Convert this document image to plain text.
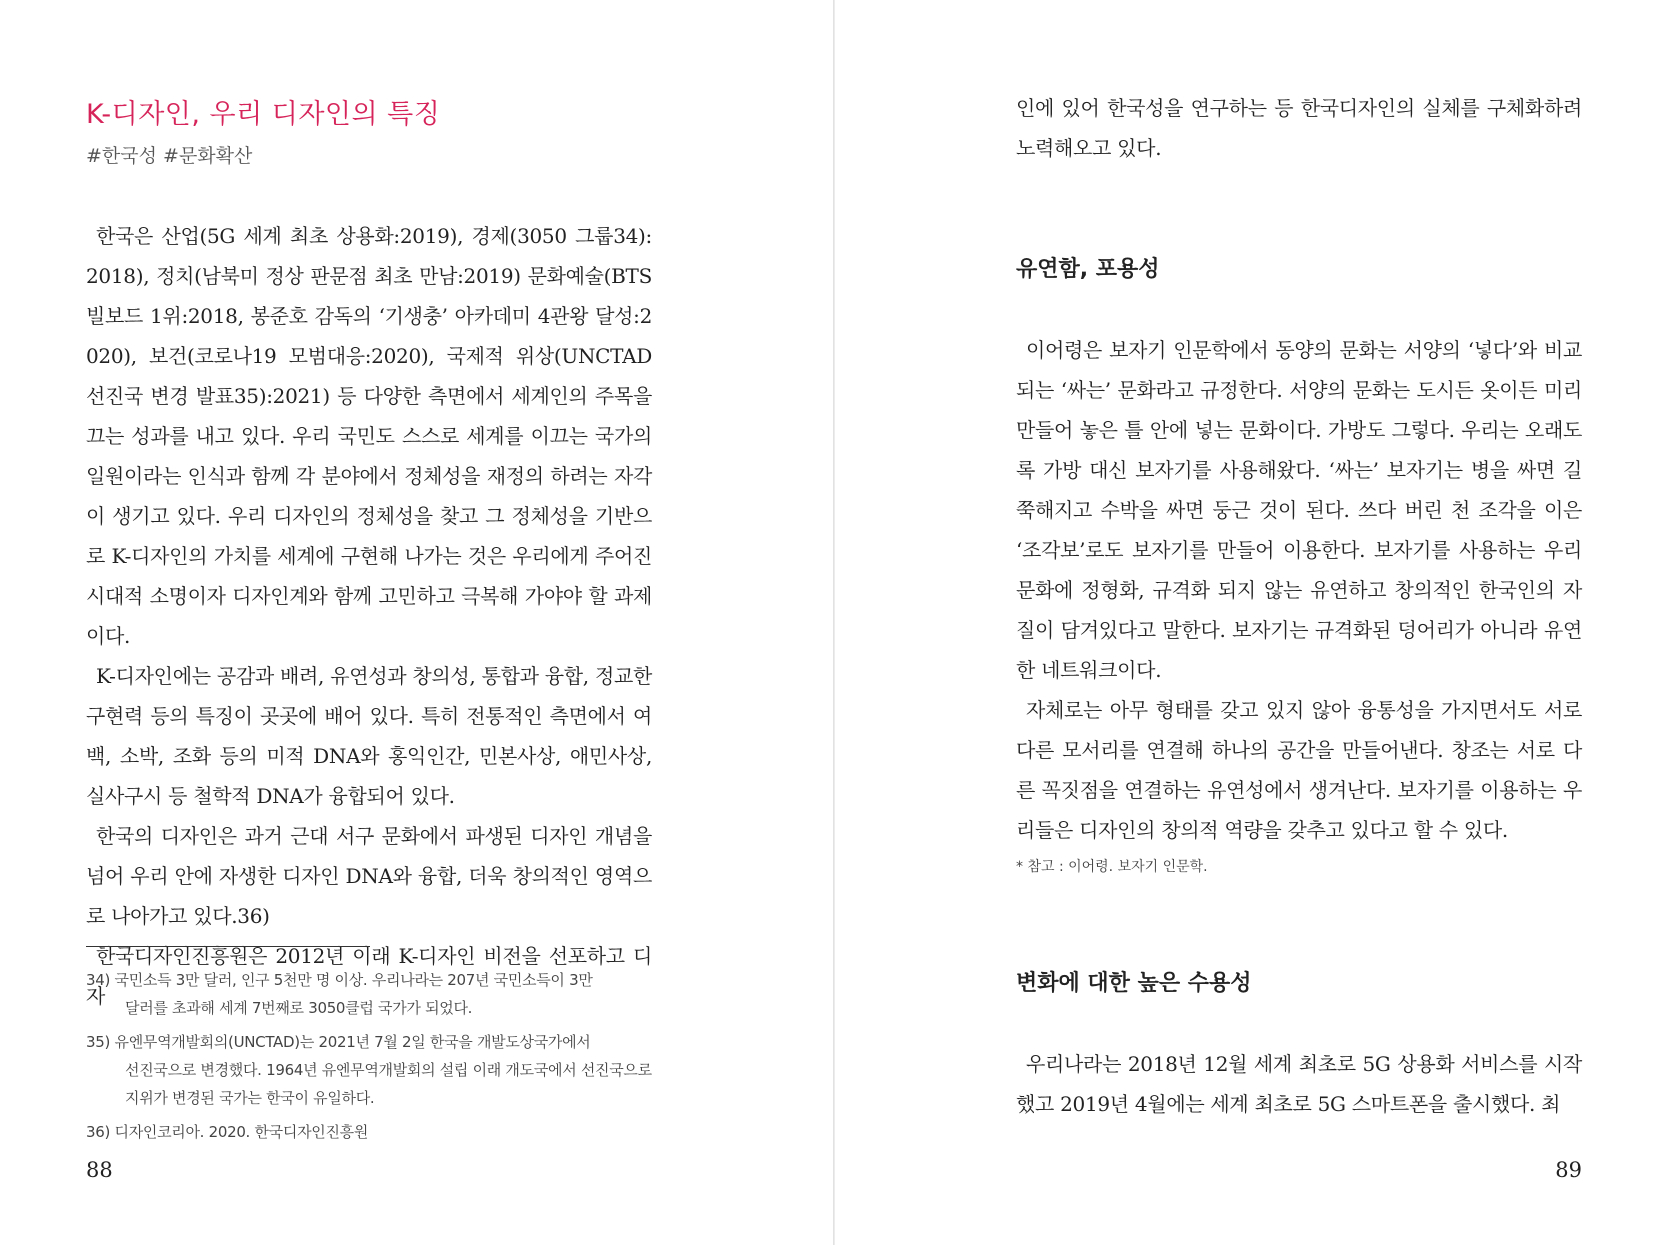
K-디자인, 우리 디자인의 특징

#한국성 #문화확산

한국은 산업(5G 세계 최초 상용화:2019), 경제(3050 그룹34): 2018), 정치(남북미 정상 판문점 최초 만남:2019) 문화예술(BTS 빌보드 1위:2018, 봉준호 감독의 ‘기생충’ 아카데미 4관왕 달성:2020), 보건(코로나19 모범대응:2020), 국제적 위상(UNCTAD 선진국 변경 발표35):2021) 등 다양한 측면에서 세계인의 주목을 끄는 성과를 내고 있다. 우리 국민도 스스로 세계를 이끄는 국가의 일원이라는 인식과 함께 각 분야에서 정체성을 재정의 하려는 자각이 생기고 있다. 우리 디자인의 정체성을 찾고 그 정체성을 기반으로 K-디자인의 가치를 세계에 구현해 나가는 것은 우리에게 주어진 시대적 소명이자 디자인계와 함께 고민하고 극복해 가야야 할 과제이다.

K-디자인에는 공감과 배려, 유연성과 창의성, 통합과 융합, 정교한 구현력 등의 특징이 곳곳에 배어 있다. 특히 전통적인 측면에서 여백, 소박, 조화 등의 미적 DNA와 홍익인간, 민본사상, 애민사상, 실사구시 등 철학적 DNA가 융합되어 있다.

한국의 디자인은 과거 근대 서구 문화에서 파생된 디자인 개념을 넘어 우리 안에 자생한 디자인 DNA와 융합, 더욱 창의적인 영역으로 나아가고 있다.36)

한국디자인진흥원은 2012년 이래 K-디자인 비전을 선포하고 디자

34) 국민소득 3만 달러, 인구 5천만 명 이상. 우리나라는 207년 국민소득이 3만
달러를 초과해 세계 7번째로 3050클럽 국가가 되었다.

35) 유엔무역개발회의(UNCTAD)는 2021년 7월 2일 한국을 개발도상국가에서
선진국으로 변경했다. 1964년 유엔무역개발회의 설립 이래 개도국에서 선진국으로 지위가 변경된 국가는 한국이 유일하다.

36) 디자인코리아. 2020. 한국디자인진흥원

88

인에 있어 한국성을 연구하는 등 한국디자인의 실체를 구체화하려 노력해오고 있다.

유연함, 포용성

이어령은 보자기 인문학에서 동양의 문화는 서양의 ‘넣다’와 비교되는 ‘싸는’ 문화라고 규정한다. 서양의 문화는 도시든 옷이든 미리 만들어 놓은 틀 안에 넣는 문화이다. 가방도 그렇다. 우리는 오래도록 가방 대신 보자기를 사용해왔다. ‘싸는’ 보자기는 병을 싸면 길쭉해지고 수박을 싸면 둥근 것이 된다. 쓰다 버린 천 조각을 이은 ‘조각보’로도 보자기를 만들어 이용한다. 보자기를 사용하는 우리 문화에 정형화, 규격화 되지 않는 유연하고 창의적인 한국인의 자질이 담겨있다고 말한다. 보자기는 규격화된 덩어리가 아니라 유연한 네트워크이다.

자체로는 아무 형태를 갖고 있지 않아 융통성을 가지면서도 서로 다른 모서리를 연결해 하나의 공간을 만들어낸다. 창조는 서로 다른 꼭짓점을 연결하는 유연성에서 생겨난다. 보자기를 이용하는 우리들은 디자인의 창의적 역량을 갖추고 있다고 할 수 있다.

* 참고 : 이어령. 보자기 인문학.

변화에 대한 높은 수용성

우리나라는 2018년 12월 세계 최초로 5G 상용화 서비스를 시작했고 2019년 4월에는 세계 최초로 5G 스마트폰을 출시했다. 최

89
